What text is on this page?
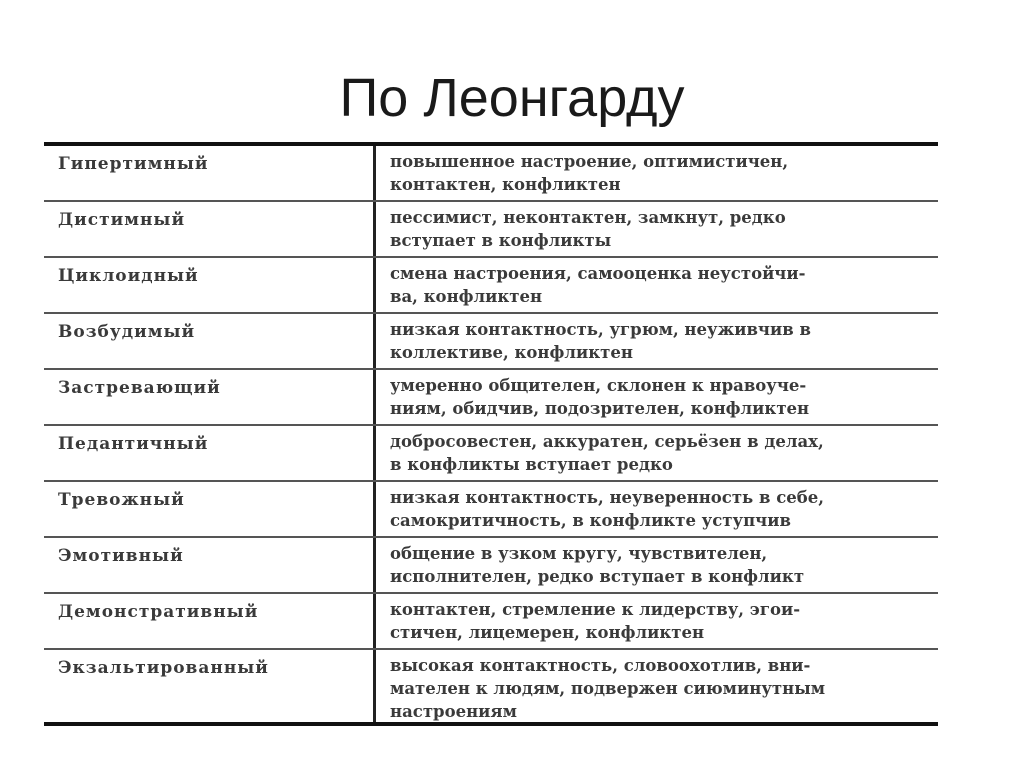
По Леонгарду
Гипертимный	повышенное настроение, оптимистичен,
контактен, конфликтен
Дистимный	пессимист, неконтактен, замкнут, редко
вступает в конфликты
Циклоидный	смена настроения, самооценка неустойчи-
ва, конфликтен
Возбудимый	низкая контактность, угрюм, неуживчив в
коллективе, конфликтен
Застревающий	умеренно общителен, склонен к нравоуче-
ниям, обидчив, подозрителен, конфликтен
Педантичный	добросовестен, аккуратен, серьёзен в делах,
в конфликты вступает редко
Тревожный	низкая контактность, неуверенность в себе,
самокритичность, в конфликте уступчив
Эмотивный	общение в узком кругу, чувствителен,
исполнителен, редко вступает в конфликт
Демонстративный	контактен, стремление к лидерству, эгои-
стичен, лицемерен, конфликтен
Экзальтированный	высокая контактность, словоохотлив, вни-
мателен к людям, подвержен сиюминутным
настроениям
